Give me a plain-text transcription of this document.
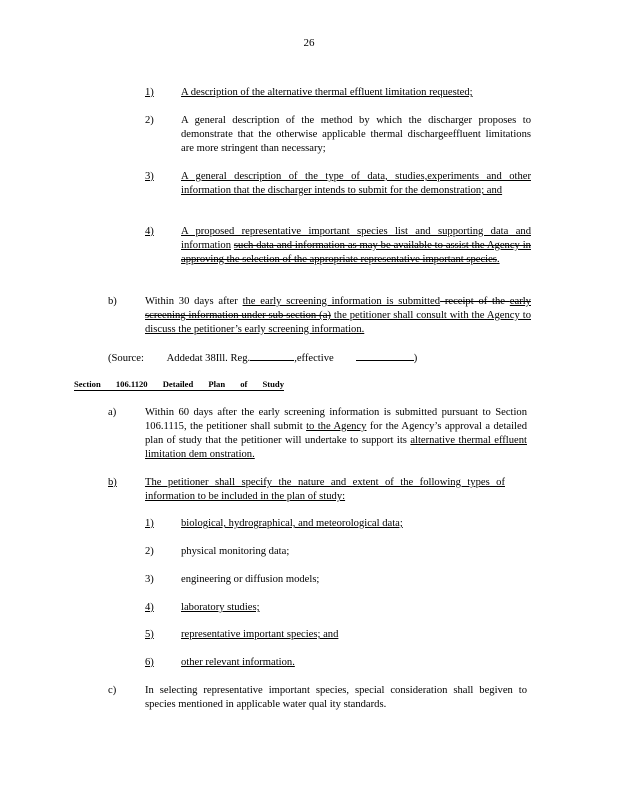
26
1)	A description of the alternative thermal effluent limitation requested;
2)	A general description of the method by which the discharger proposes to demonstrate that the otherwise applicable thermal dischargeeffluent limitations are more stringent than necessary;
3)	A general description of the type of data, studies,experiments and other information that the discharger intends to submit for the demonstration; and
4)	A proposed representative important species list and supporting data and information such data and information as may be available to assist the Agency in approving the selection of the appropriate representative important species.
b)	Within 30 days after the early screening information is submitted receipt of the early screening information under sub section (a) the petitioner shall consult with the Agency to discuss the petitioner’s early screening information.
(Source: Addedat 38Ill. Reg.	,effective	)
Section 106.1120 Detailed Plan of Study
a)	Within 60 days after the early screening information is submitted pursuant to Section 106.1115, the petitioner shall submit to the Agency for the Agency’s approval a detailed plan of study that the petitioner will undertake to support its alternative thermal effluent limitation dem onstration.
b)	The petitioner shall specify the nature and extent of the following types of information to be included in the plan of study:
1)	biological, hydrographical, and meteorological data;
2)	physical monitoring data;
3)	engineering or diffusion models;
4)	laboratory studies;
5)	representative important species; and
6)	other relevant information.
c)	In selecting representative important species, special consideration shall begiven to species mentioned in applicable water qual ity standards.
